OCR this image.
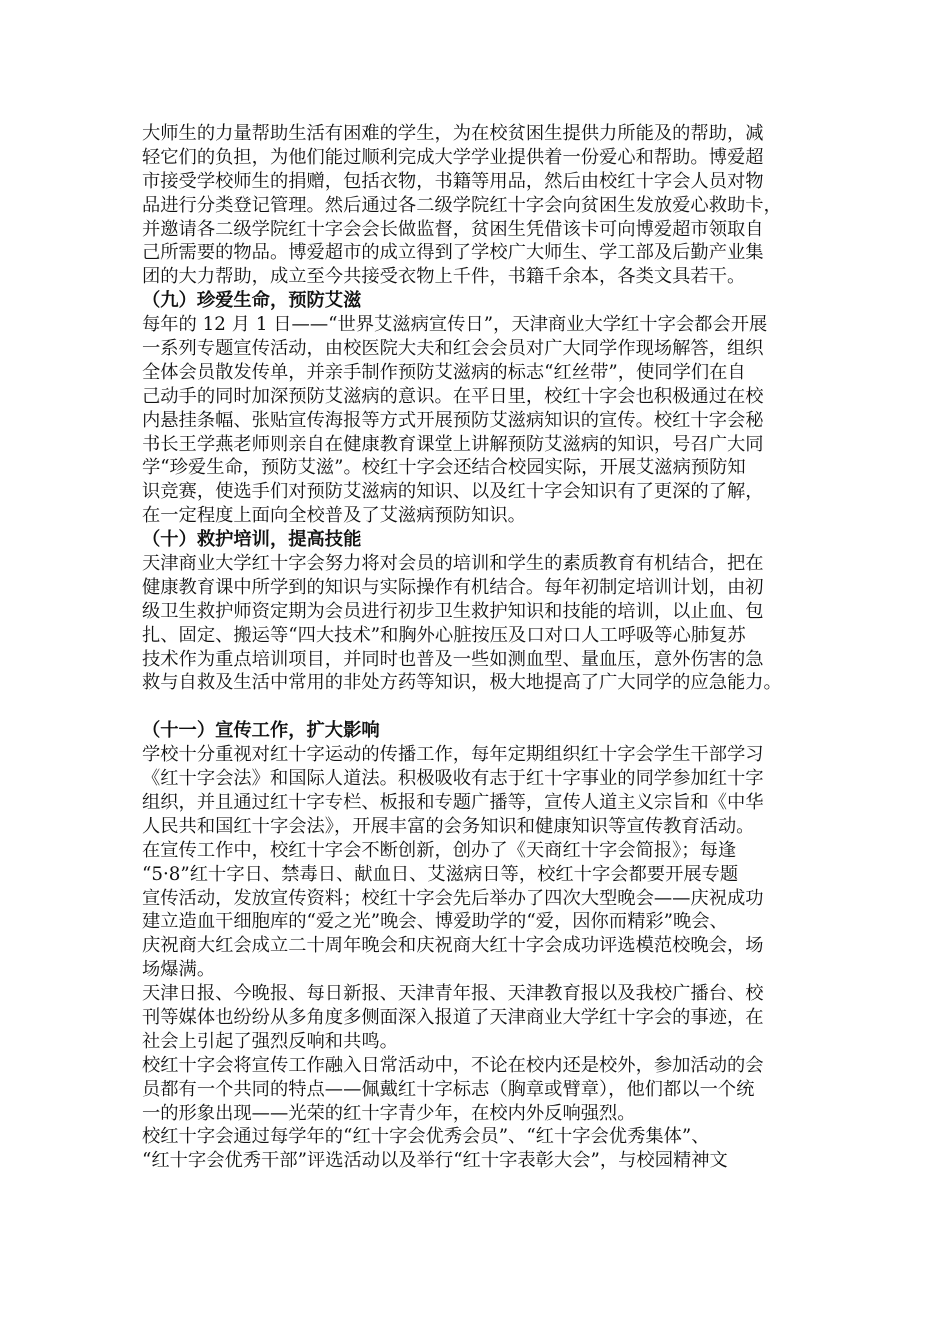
大师生的力量帮助生活有困难的学生，为在校贫困生提供力所能及的帮助，减
轻它们的负担，为他们能过顺利完成大学学业提供着一份爱心和帮助。博爱超
市接受学校师生的捐赠，包括衣物，书籍等用品，然后由校红十字会人员对物
品进行分类登记管理。然后通过各二级学院红十字会向贫困生发放爱心救助卡，
并邀请各二级学院红十字会会长做监督，贫困生凭借该卡可向博爱超市领取自
己所需要的物品。博爱超市的成立得到了学校广大师生、学工部及后勤产业集
团的大力帮助，成立至今共接受衣物上千件，书籍千余本，各类文具若干。
（九）珍爱生命，预防艾滋
每年的 12 月 1 日——“世界艾滋病宣传日”，天津商业大学红十字会都会开展
一系列专题宣传活动，由校医院大夫和红会会员对广大同学作现场解答，组织
全体会员散发传单，并亲手制作预防艾滋病的标志“红丝带”，使同学们在自
己动手的同时加深预防艾滋病的意识。在平日里，校红十字会也积极通过在校
内悬挂条幅、张贴宣传海报等方式开展预防艾滋病知识的宣传。校红十字会秘
书长王学燕老师则亲自在健康教育课堂上讲解预防艾滋病的知识，号召广大同
学“珍爱生命，预防艾滋”。校红十字会还结合校园实际，开展艾滋病预防知
识竞赛，使选手们对预防艾滋病的知识、以及红十字会知识有了更深的了解，
在一定程度上面向全校普及了艾滋病预防知识。
（十）救护培训，提高技能
天津商业大学红十字会努力将对会员的培训和学生的素质教育有机结合，把在
健康教育课中所学到的知识与实际操作有机结合。每年初制定培训计划，由初
级卫生救护师资定期为会员进行初步卫生救护知识和技能的培训，以止血、包
扎、固定、搬运等“四大技术”和胸外心脏按压及口对口人工呼吸等心肺复苏
技术作为重点培训项目，并同时也普及一些如测血型、量血压，意外伤害的急
救与自救及生活中常用的非处方药等知识，极大地提高了广大同学的应急能力。
（十一）宣传工作，扩大影响
学校十分重视对红十字运动的传播工作，每年定期组织红十字会学生干部学习
《红十字会法》和国际人道法。积极吸收有志于红十字事业的同学参加红十字
组织，并且通过红十字专栏、板报和专题广播等，宣传人道主义宗旨和《中华
人民共和国红十字会法》，开展丰富的会务知识和健康知识等宣传教育活动。
在宣传工作中，校红十字会不断创新，创办了《天商红十字会简报》；每逢
“5·8”红十字日、禁毒日、献血日、艾滋病日等，校红十字会都要开展专题
宣传活动，发放宣传资料；校红十字会先后举办了四次大型晚会——庆祝成功
建立造血干细胞库的“爱之光”晚会、博爱助学的“爱，因你而精彩”晚会、
庆祝商大红会成立二十周年晚会和庆祝商大红十字会成功评选模范校晚会，场
场爆满。
天津日报、今晚报、每日新报、天津青年报、天津教育报以及我校广播台、校
刊等媒体也纷纷从多角度多侧面深入报道了天津商业大学红十字会的事迹，在
社会上引起了强烈反响和共鸣。
校红十字会将宣传工作融入日常活动中，不论在校内还是校外，参加活动的会
员都有一个共同的特点——佩戴红十字标志（胸章或臂章），他们都以一个统
一的形象出现——光荣的红十字青少年，在校内外反响强烈。
校红十字会通过每学年的“红十字会优秀会员”、“红十字会优秀集体”、
“红十字会优秀干部”评选活动以及举行“红十字表彰大会”，与校园精神文
